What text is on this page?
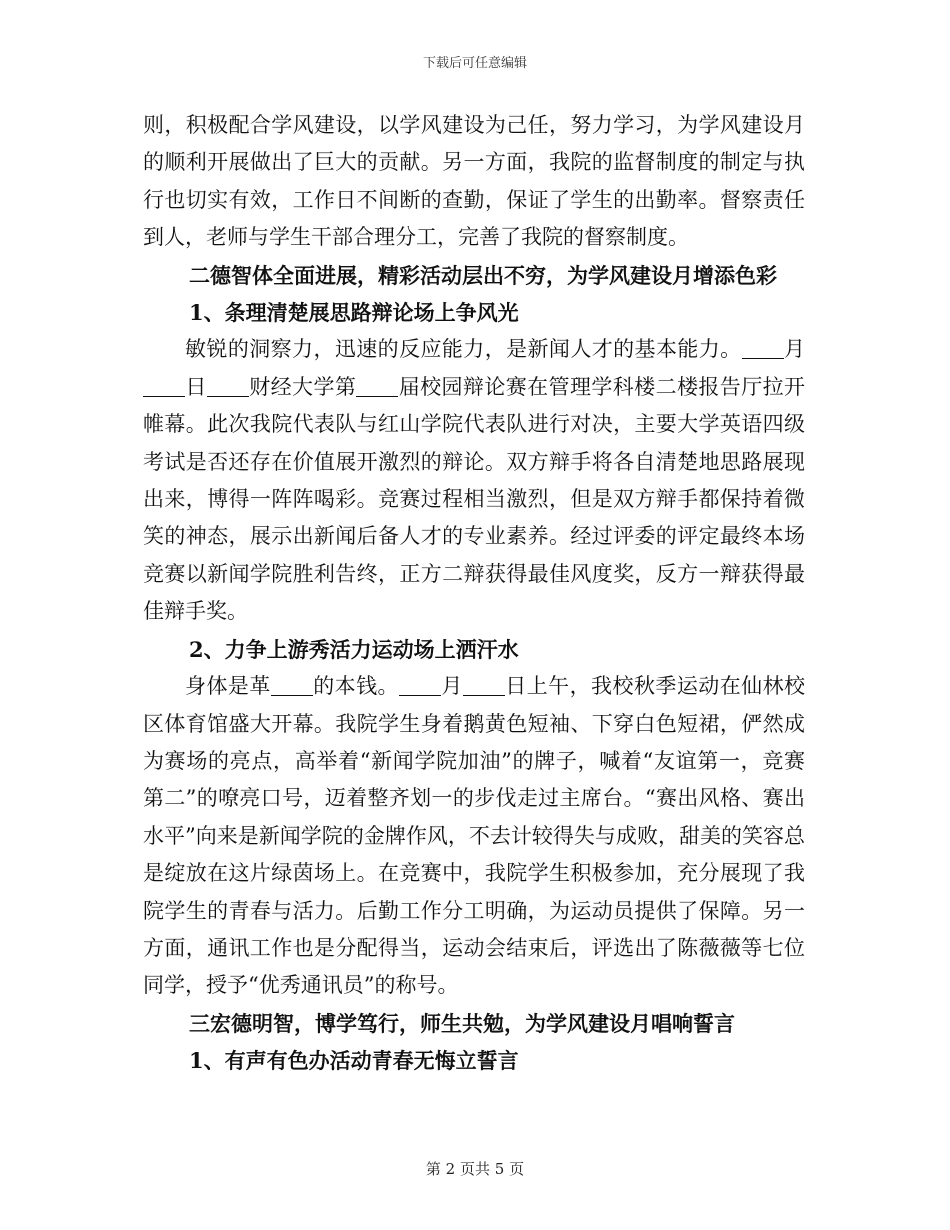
下载后可任意编辑

则，积极配合学风建设，以学风建设为己任，努力学习，为学风建设月的顺利开展做出了巨大的贡献。另一方面，我院的监督制度的制定与执行也切实有效，工作日不间断的查勤，保证了学生的出勤率。督察责任到人，老师与学生干部合理分工，完善了我院的督察制度。

二德智体全面进展，精彩活动层出不穷，为学风建设月增添色彩

1、条理清楚展思路辩论场上争风光

敏锐的洞察力，迅速的反应能力，是新闻人才的基本能力。 月日 财经大学第 届校园辩论赛在管理学科楼二楼报告厅拉开帷幕。此次我院代表队与红山学院代表队进行对决，主要大学英语四级考试是否还存在价值展开激烈的辩论。双方辩手将各自清楚地思路展现出来，博得一阵阵喝彩。竞赛过程相当激烈，但是双方辩手都保持着微笑的神态，展示出新闻后备人才的专业素养。经过评委的评定最终本场竞赛以新闻学院胜利告终，正方二辩获得最佳风度奖，反方一辩获得最佳辩手奖。

2、力争上游秀活力运动场上洒汗水

身体是革 的本钱。 月 日上午，我校秋季运动在仙林校区体育馆盛大开幕。我院学生身着鹅黄色短袖、下穿白色短裙，俨然成为赛场的亮点，高举着“新闻学院加油”的牌子，喊着“友谊第一，竞赛第二”的嘹亮口号，迈着整齐划一的步伐走过主席台。“赛出风格、赛出水平”向来是新闻学院的金牌作风，不去计较得失与成败，甜美的笑容总是绽放在这片绿茵场上。在竞赛中，我院学生积极参加，充分展现了我院学生的青春与活力。后勤工作分工明确，为运动员提供了保障。另一方面，通讯工作也是分配得当，运动会结束后，评选出了陈薇薇等七位同学，授予“优秀通讯员”的称号。

三宏德明智，博学笃行，师生共勉，为学风建设月唱响誓言

1、有声有色办活动青春无悔立誓言

第 2 页共 5 页
